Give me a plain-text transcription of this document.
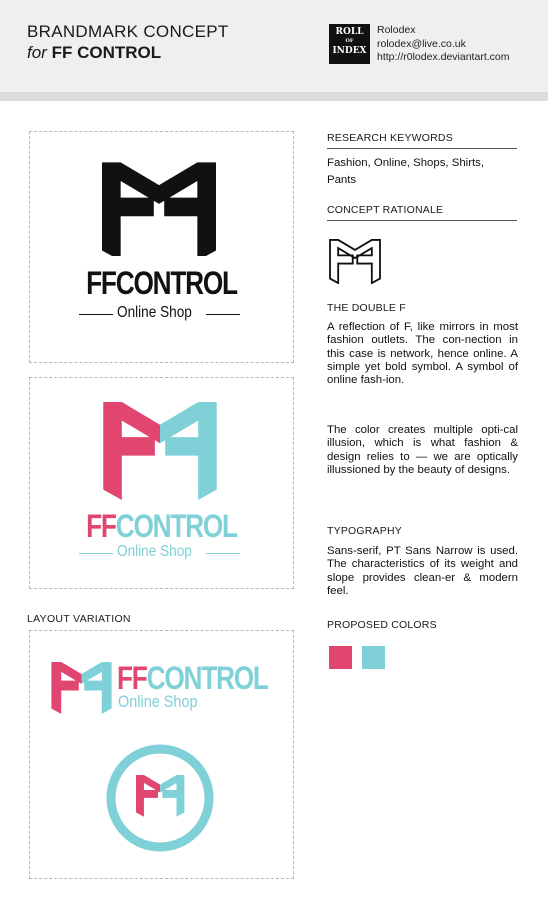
BRANDMARK CONCEPT
for FF CONTROL
ROLL
OF
INDEX
Rolodex
rolodex@live.co.uk
http://r0lodex.deviantart.com
FFCONTROL
Online Shop
FFCONTROL
Online Shop
LAYOUT VARIATION
FFCONTROL
Online Shop
RESEARCH KEYWORDS
Fashion, Online, Shops, Shirts, Pants
CONCEPT RATIONALE
THE DOUBLE F
A reflection of F, like mirrors in most fashion outlets. The con-nection in this case is network, hence online. A simple yet bold symbol. A symbol of online fash-ion.
The color creates multiple opti-cal illusion, which is what fashion & design relies to — we are optically illussioned by the beauty of designs.
TYPOGRAPHY
Sans-serif, PT Sans Narrow is used. The characteristics of its weight and slope provides clean-er & modern feel.
PROPOSED COLORS
